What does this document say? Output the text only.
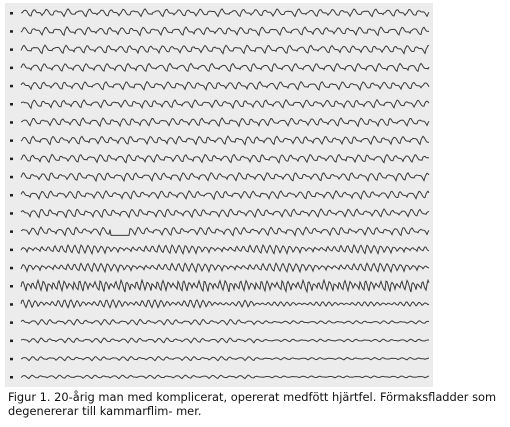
Figur 1. 20-årig man med komplicerat, opererat medfött hjärtfel. Förmaksfladder som degenererar till kammarflim- mer.
